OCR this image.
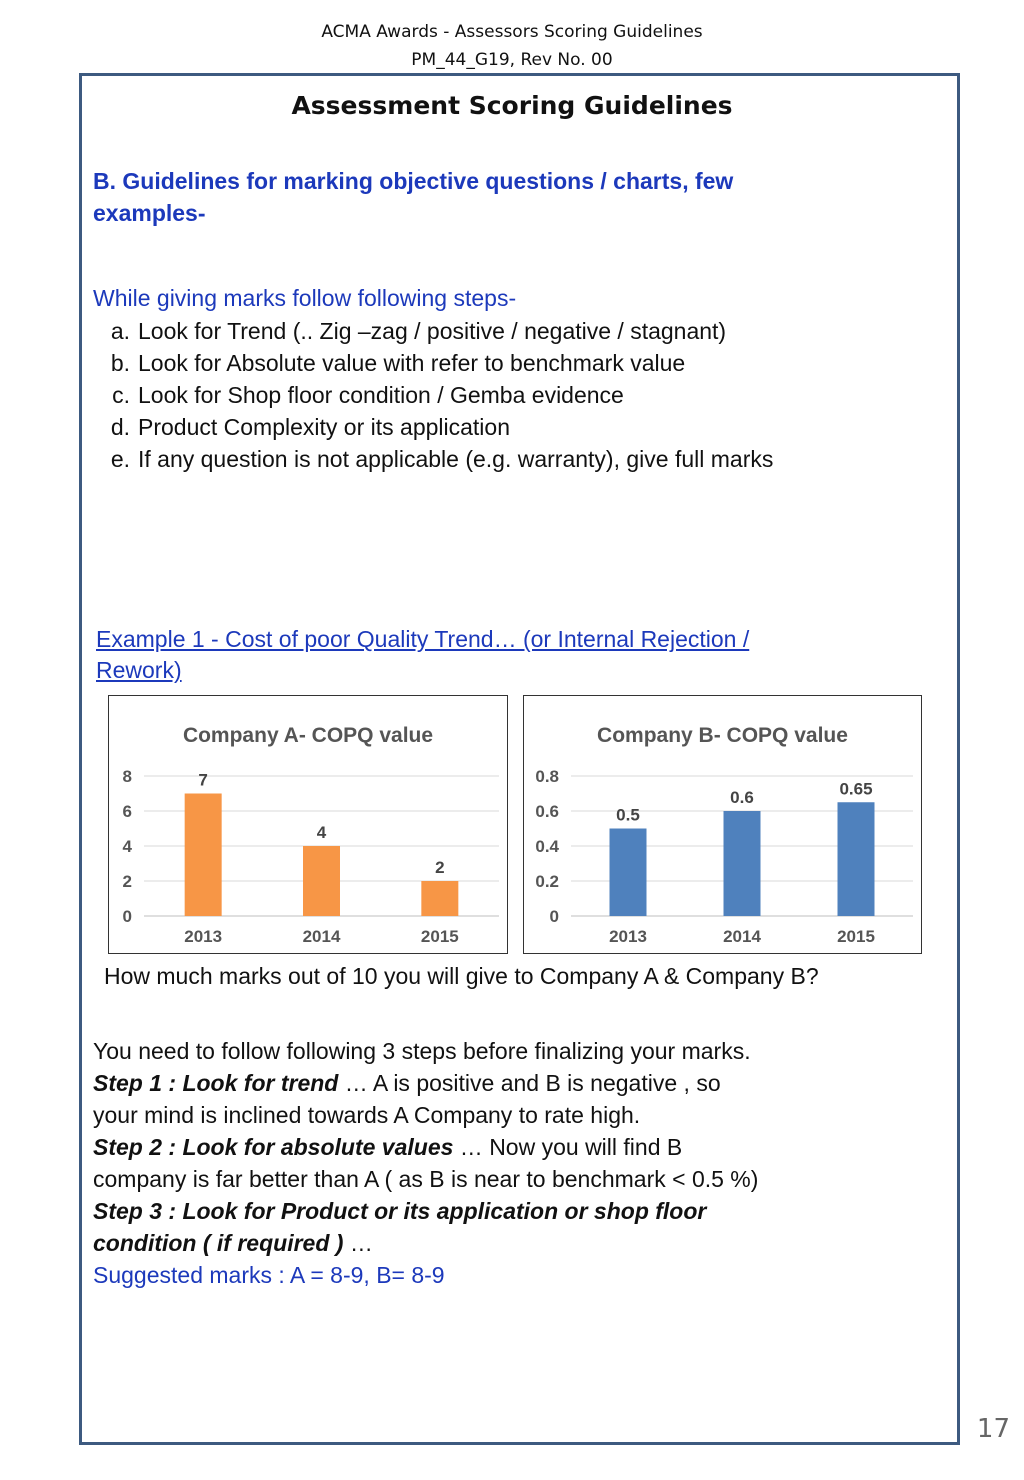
ACMA Awards - Assessors Scoring Guidelines
PM_44_G19, Rev No. 00
Assessment Scoring Guidelines
B. Guidelines for marking objective questions / charts, few
examples-
While giving marks follow following steps-
a. Look for Trend (.. Zig –zag / positive / negative / stagnant)
b. Look for Absolute value with refer to benchmark value
c. Look for Shop floor condition / Gemba evidence
d. Product Complexity or its application
e. If any question is not applicable (e.g. warranty), give full marks
Example 1 - Cost of poor Quality Trend… (or Internal Rejection /
Rework)
Company A- COPQ value
0
2
4
6
8	7
2013
4
2014
2
2015
Company B- COPQ value
0
0.2
0.4
0.6
0.8
0.5
2013
0.6
2014
0.65
2015
How much marks out of 10 you will give to Company A & Company B?
You need to follow following 3 steps before finalizing your marks.
Step 1 : Look for trend … A is positive and B is negative , so
your mind is inclined towards A Company to rate high.
Step 2 : Look for absolute values … Now you will find B
company is far better than A ( as B is near to benchmark < 0.5 %)
Step 3 : Look for Product or its application or shop floor
condition ( if required ) …
Suggested marks : A = 8-9, B= 8-9
17
